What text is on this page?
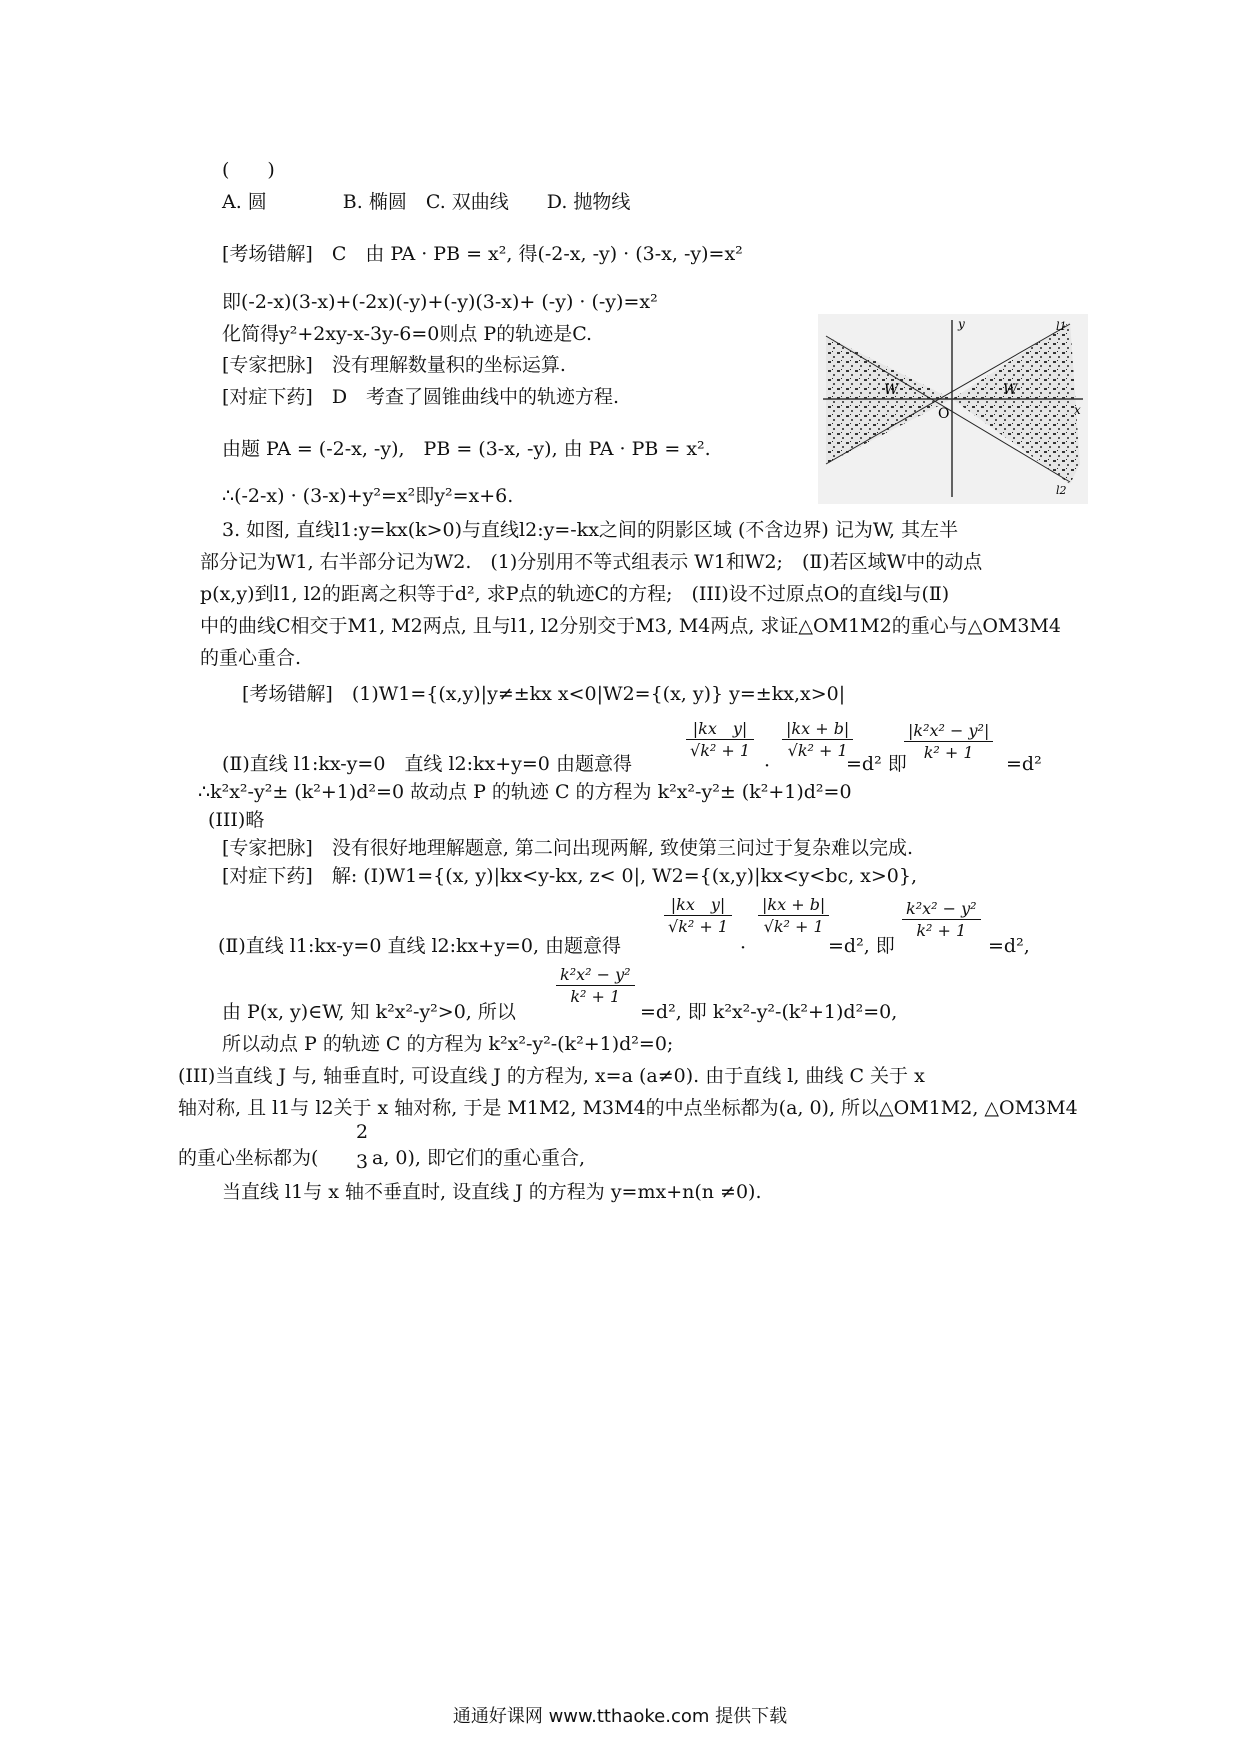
(　　)
A. 圆　　　　B. 椭圆　C. 双曲线　　D. 抛物线
[考场错解]　C　由 PA · PB = x², 得(-2-x, -y) · (3-x, -y)=x²
即(-2-x)(3-x)+(-2x)(-y)+(-y)(3-x)+ (-y) · (-y)=x²
化简得y²+2xy-x-3y-6=0则点 P的轨迹是C.
[专家把脉]　没有理解数量积的坐标运算.
[对症下药]　D　考查了圆锥曲线中的轨迹方程.
由题 PA = (-2-x, -y),　PB = (3-x, -y), 由 PA · PB = x².
∴(-2-x) · (3-x)+y²=x²即y²=x+6.
y
x
O
W	W
l1
l2
3. 如图, 直线l1:y=kx(k>0)与直线l2:y=-kx之间的阴影区域 (不含边界) 记为W, 其左半
部分记为W1, 右半部分记为W2.　(1)分别用不等式组表示 W1和W2;　(Ⅱ)若区域W中的动点
p(x,y)到l1, l2的距离之积等于d², 求P点的轨迹C的方程;　(III)设不过原点O的直线l与(Ⅱ)
中的曲线C相交于M1, M2两点, 且与l1, l2分别交于M3, M4两点, 求证△OM1M2的重心与△OM3M4
的重心重合.
[考场错解]　(1)W1={(x,y)|y≠±kx x<0|W2={(x, y)} y=±kx,x>0|
(Ⅱ)直线 l1:kx-y=0　直线 l2:kx+y=0 由题意得
$\frac{\text{|kx　y|}}{\text{√k² + 1}}$
·
$\frac{|kx + b|}{\text{√k² + 1}}$
=d² 即
$\frac{\text{|k²x² − y²|}}{\text{k² + 1}}$
=d²
∴k²x²-y²± (k²+1)d²=0 故动点 P 的轨迹 C 的方程为 k²x²-y²± (k²+1)d²=0
(III)略
[专家把脉]　没有很好地理解题意, 第二问出现两解, 致使第三问过于复杂难以完成.
[对症下药]　解: (I)W1={(x, y)|kx<y-kx, z< 0|, W2={(x,y)|kx<y<bc, x>0},
(Ⅱ)直线 l1:kx-y=0 直线 l2:kx+y=0, 由题意得
$\frac{\text{|kx　y|}}{\text{√k² + 1}}$
·
$\frac{|kx + b|}{\text{√k² + 1}}$
=d², 即
$\frac{\text{k²x² − y²}}{\text{k² + 1}}$
=d²,
由 P(x, y)∈W, 知 k²x²-y²>0, 所以
$\frac{\text{k²x² − y²}}{\text{k² + 1}}$
=d², 即 k²x²-y²-(k²+1)d²=0,
所以动点 P 的轨迹 C 的方程为 k²x²-y²-(k²+1)d²=0;
(III)当直线 J 与, 轴垂直时, 可设直线 J 的方程为, x=a (a≠0). 由于直线 l, 曲线 C 关于 x
轴对称, 且 l1与 l2关于 x 轴对称, 于是 M1M2, M3M4的中点坐标都为(a, 0), 所以△OM1M2, △OM3M4
2
的重心坐标都为( 3 a, 0), 即它们的重心重合,
当直线 l1与 x 轴不垂直时, 设直线 J 的方程为 y=mx+n(n ≠0).
通通好课网 www.tthaoke.com 提供下载
